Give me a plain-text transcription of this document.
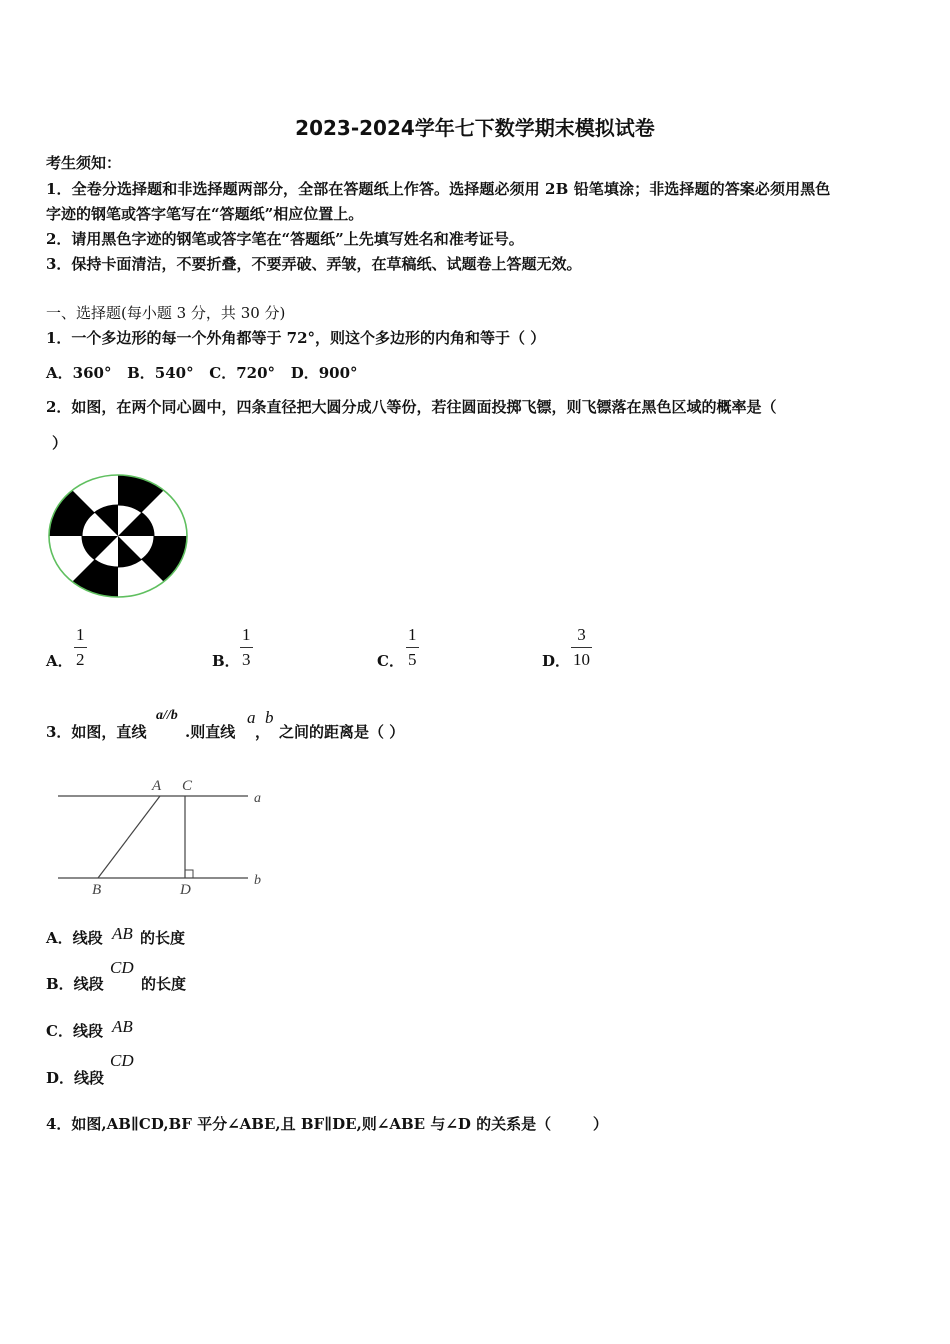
2023-2024学年七下数学期末模拟试卷
考生须知：
1．全卷分选择题和非选择题两部分，全部在答题纸上作答。选择题必须用 2B 铅笔填涂；非选择题的答案必须用黑色
字迹的钢笔或答字笔写在“答题纸”相应位置上。
2．请用黑色字迹的钢笔或答字笔在“答题纸”上先填写姓名和准考证号。
3．保持卡面清洁，不要折叠，不要弄破、弄皱，在草稿纸、试题卷上答题无效。
一、选择题(每小题 3 分，共 30 分)
1．一个多边形的每一个外角都等于 72°，则这个多边形的内角和等于（ ）
A．360°   B．540°   C．720°   D．900°
2．如图，在两个同心圆中，四条直径把大圆分成八等份，若往圆面投掷飞镖，则飞镖落在黑色区域的概率是（
）
A．
1
2	B．
1
3	C．
1
5	D．
3
10
3．如图，直线
a//b
.则直线
a
，
b
之间的距离是（ ）
A C
a
B	D
b
A．线段 AB 的长度
B．线段
CD
的长度
C．线段 AB
D．线段
CD
4．如图,AB∥CD,BF 平分∠ABE,且 BF∥DE,则∠ABE 与∠D 的关系是（        ）
